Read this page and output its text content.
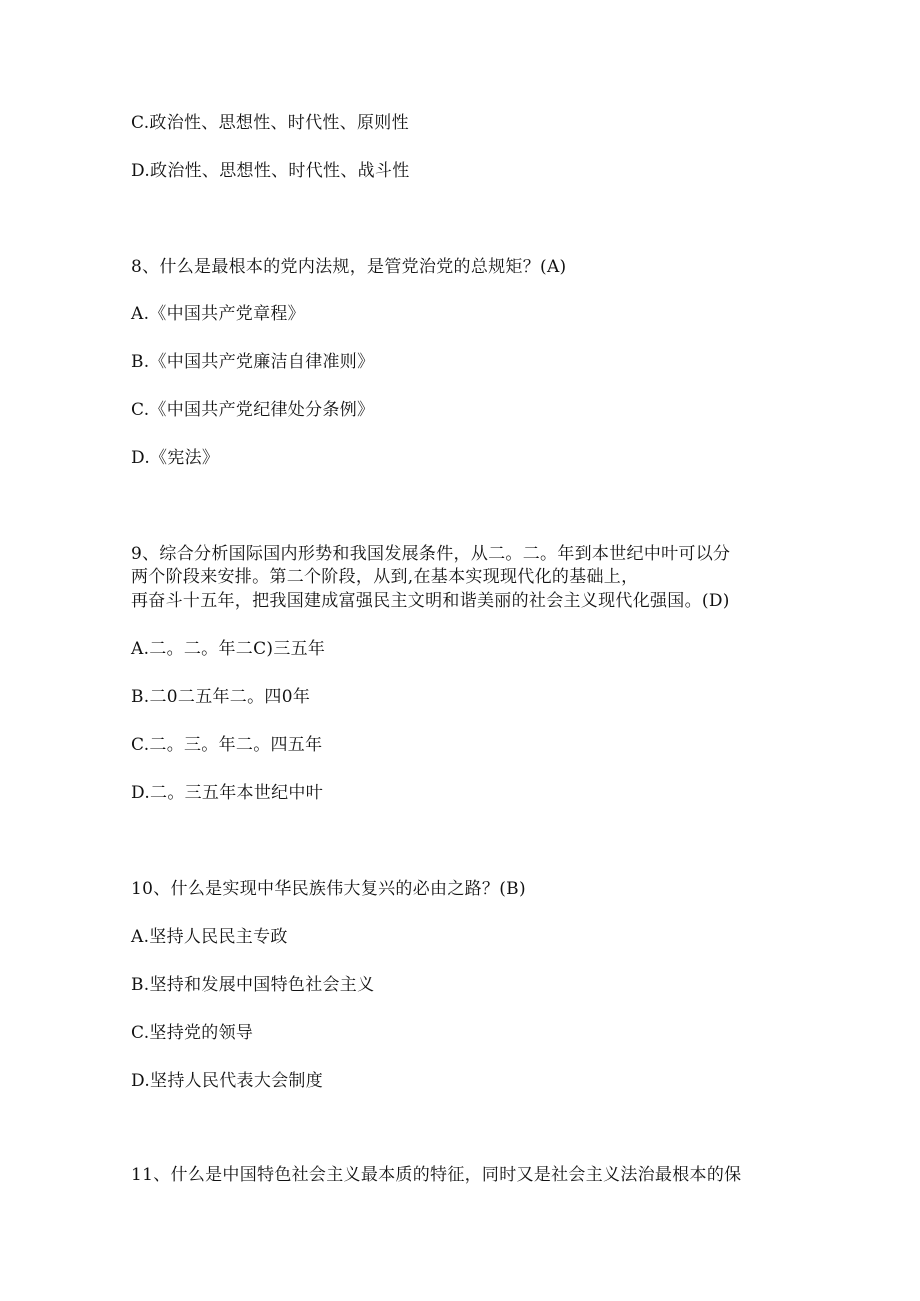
C.政治性、思想性、时代性、原则性
D.政治性、思想性、时代性、战斗性
8、什么是最根本的党内法规，是管党治党的总规矩？(A)
A.《中国共产党章程》
B.《中国共产党廉洁自律准则》
C.《中国共产党纪律处分条例》
D.《宪法》
9、综合分析国际国内形势和我国发展条件，从二。二。年到本世纪中叶可以分
两个阶段来安排。第二个阶段，从到,在基本实现现代化的基础上，
再奋斗十五年，把我国建成富强民主文明和谐美丽的社会主义现代化强国。(D)
A.二。二。年二C)三五年
B.二0二五年二。四0年
C.二。三。年二。四五年
D.二。三五年本世纪中叶
10、什么是实现中华民族伟大复兴的必由之路？(B)
A.坚持人民民主专政
B.坚持和发展中国特色社会主义
C.坚持党的领导
D.坚持人民代表大会制度
11、什么是中国特色社会主义最本质的特征，同时又是社会主义法治最根本的保
